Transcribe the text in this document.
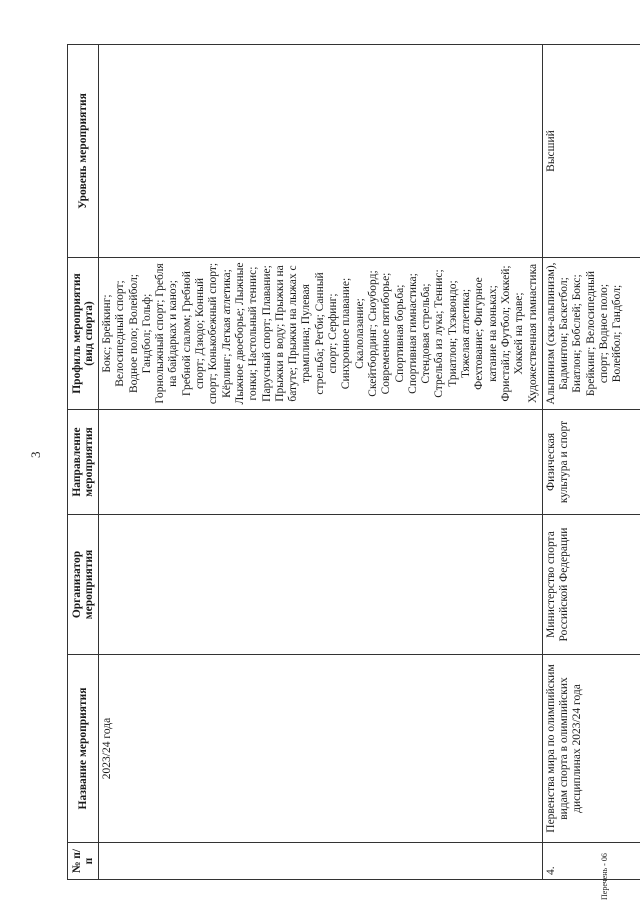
3
№ п/п	Название мероприятия	Организатор мероприятия	Направление мероприятия	Профиль мероприятия (вид спорта)	Уровень мероприятия
	2023/24 года			Бокс; Брейкинг; Велосипедный спорт; Водное поло; Волейбол; Гандбол; Гольф; Горнолыжный спорт; Гребля на байдарках и каноэ; Гребной слалом; Гребной спорт; Дзюдо; Конный спорт; Конькобежный спорт; Кёрлинг; Легкая атлетика; Лыжное двоеборье; Лыжные гонки; Настольный теннис; Парусный спорт; Плавание; Прыжки в воду; Прыжки на батуте; Прыжки на лыжах с трамплина; Пулевая стрельба; Регби; Санный спорт; Серфинг; Синхронное плавание; Скалолазание; Скейтбординг; Сноуборд; Современное пятиборье; Спортивная борьба; Спортивная гимнастика; Стендовая стрельба; Стрельба из лука; Теннис; Триатлон; Тхэквондо; Тяжелая атлетика; Фехтование; Фигурное катание на коньках; Фристайл; Футбол; Хоккей; Хоккей на траве; Художественная гимнастика	
4.	Первенства мира по олимпийским видам спорта в олимпийских дисциплинах 2023/24 года	Министерство спорта Российской Федерации	Физическая культура и спорт	Альпинизм (ски-альпинизм), Бадминтон; Баскетбол; Биатлон; Бобслей; Бокс; Брейкинг; Велосипедный спорт; Водное поло; Волейбол; Гандбол;	Высший
Перечень - 06
